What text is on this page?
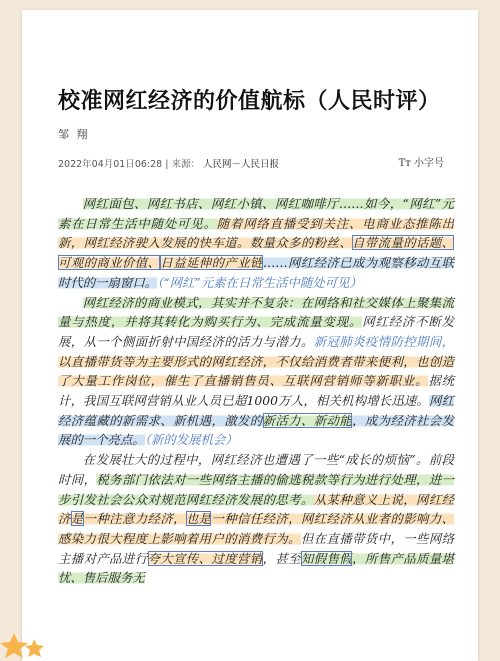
校准网红经济的价值航标（人民时评）
邹 翔
2022年04月01日06:28 | 来源： 人民网－人民日报	Tт 小字号

网红面包、网红书店、网红小镇、网红咖啡厅……如今，“网红”元素在日常生活中随处可见。随着网络直播受到关注、电商业态推陈出新，网红经济驶入发展的快车道。数量众多的粉丝、自带流量的话题、可观的商业价值、日益延伸的产业链……网红经济已成为观察移动互联时代的一扇窗口。（“网红”元素在日常生活中随处可见）

网红经济的商业模式，其实并不复杂：在网络和社交媒体上聚集流量与热度，并将其转化为购买行为、完成流量变现。网红经济不断发展，从一个侧面折射中国经济的活力与潜力。新冠肺炎疫情防控期间，以直播带货等为主要形式的网红经济，不仅给消费者带来便利，也创造了大量工作岗位，催生了直播销售员、互联网营销师等新职业。据统计，我国互联网营销从业人员已超1000万人，相关机构增长迅速。网红经济蕴藏的新需求、新机遇，激发的新活力、新动能，成为经济社会发展的一个亮点。（新的发展机会）

在发展壮大的过程中，网红经济也遭遇了一些“成长的烦恼”。前段时间，税务部门依法对一些网络主播的偷逃税款等行为进行处理，进一步引发社会公众对规范网红经济发展的思考。从某种意义上说，网红经济是一种注意力经济，也是一种信任经济，网红经济从业者的影响力、感染力很大程度上影响着用户的消费行为。但在直播带货中，一些网络主播对产品进行夸大宣传、过度营销，甚至知假售假，所售产品质量堪忧、售后服务无
